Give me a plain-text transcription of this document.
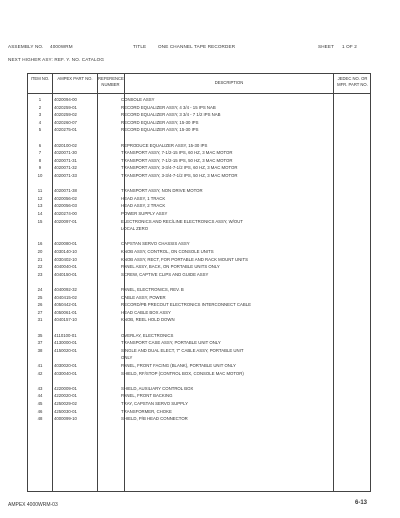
ASSEMBLY NO. 4000WRM	TITLE	ONE CHANNEL TAPE RECORDER	SHEET 1 OF 2
NEXT HIGHER ASY: REF. Y. NO. CATALOG
ITEM NO.	AMPEX PART NO.	REFERENCE NUMBER	DESCRIPTION
JEDEC NO. OR MFR. PART NO.
1	4020094-00	CONSOLE ASSY
2	4020259-01	RECORD EQUALIZER ASSY, 4 3/4 - 15 IPS NAB
3	4020259-02	RECORD EQUALIZER ASSY, 3 3/4 - 7 1/2 IPS NAB
4	4020260-07	RECORD EQUALIZER ASSY, 15-30 IPS
5	4020275-01	RECORD EQUALIZER ASSY, 15-30 IPS
6	4020100-02	REPRODUCE EQUALIZER ASSY, 15-30 IPS
7	4020071-30	TRANSPORT ASSY, 7-1/2-15 IPS, 60 HZ, 3 MAC MOTOR
8	4020071-31	TRANSPORT ASSY, 7-1/2-15 IPS, 50 HZ, 3 MAC MOTOR
9	4020071-32	TRANSPORT ASSY, 3-3/4-7-1/2 IPS, 60 HZ, 3 MAC MOTOR
10	4020071-33	TRANSPORT ASSY, 3-3/4-7-1/2 IPS, 50 HZ, 3 MAC MOTOR
11	4020071-38	TRANSPORT ASSY, NON DRIVE MOTOR
12	4020056-02	HEAD ASSY, 1 TRACK
13	4020056-03	HEAD ASSY, 2 TRACK
14	4020274-00	POWER SUPPLY ASSY
15	4020097-01	ELECTRONICS AND REC/LINE ELECTRONICS ASSY, W/OUT
LOCAL ZERO
16	4020080-01	CAPSTAN SERVO CHASSIS ASSY
20	4030140-10	KNOB ASSY, CONTROL, ON CONSOLE UNITS
21	4030402-10	KNOB ASSY, RECT, FOR PORTABLE AND RACK MOUNT UNITS
22	4040040-01	PANEL ASSY, BACK, ON PORTABLE UNITS ONLY
23	4040150-01	SCREW, CAPTIVE CLIPS AND GUIDE ASSY
24	4040092-32	PANEL, ELECTRONICS, REV. B
25	4040415-02	CABLE ASSY, POWER
26	4050442-01	RECORD/PB PRECOUT ELECTRONICS INTERCONNECT CABLE
27	4050061-01	HEAD CABLE BOX ASSY
31	4040157-10	KNOB, REEL HOLD DOWN
35	4110100-01	OVERLAY, ELECTRONICS
37	4130000-01	TRANSPORT CASE ASSY, PORTABLE UNIT ONLY
38	4150020-01	SINGLE AND DUAL ELECT, 7" CABLE ASSY, PORTABLE UNIT
ONLY
41	4030020-01	PANEL, FRONT FACING (BLANK), PORTABLE UNIT ONLY
42	4030040-01	SHIELD, RF/STOP (CONTROL BOX, CONSOLE MAC MOTOR)
43	4220009-01	SHIELD, AUXILIARY CONTROL BOX
44	4220020-01	PANEL, FRONT BACKING
45	4250029-02	TRAY, CAPSTAN SERVO SUPPLY
46	4250030-01	TRANSFORMER, CHOKE
48	4000099-10	SHIELD, P/B HEAD CONNECTOR
AMPEX 4000WRM-03	6-13
